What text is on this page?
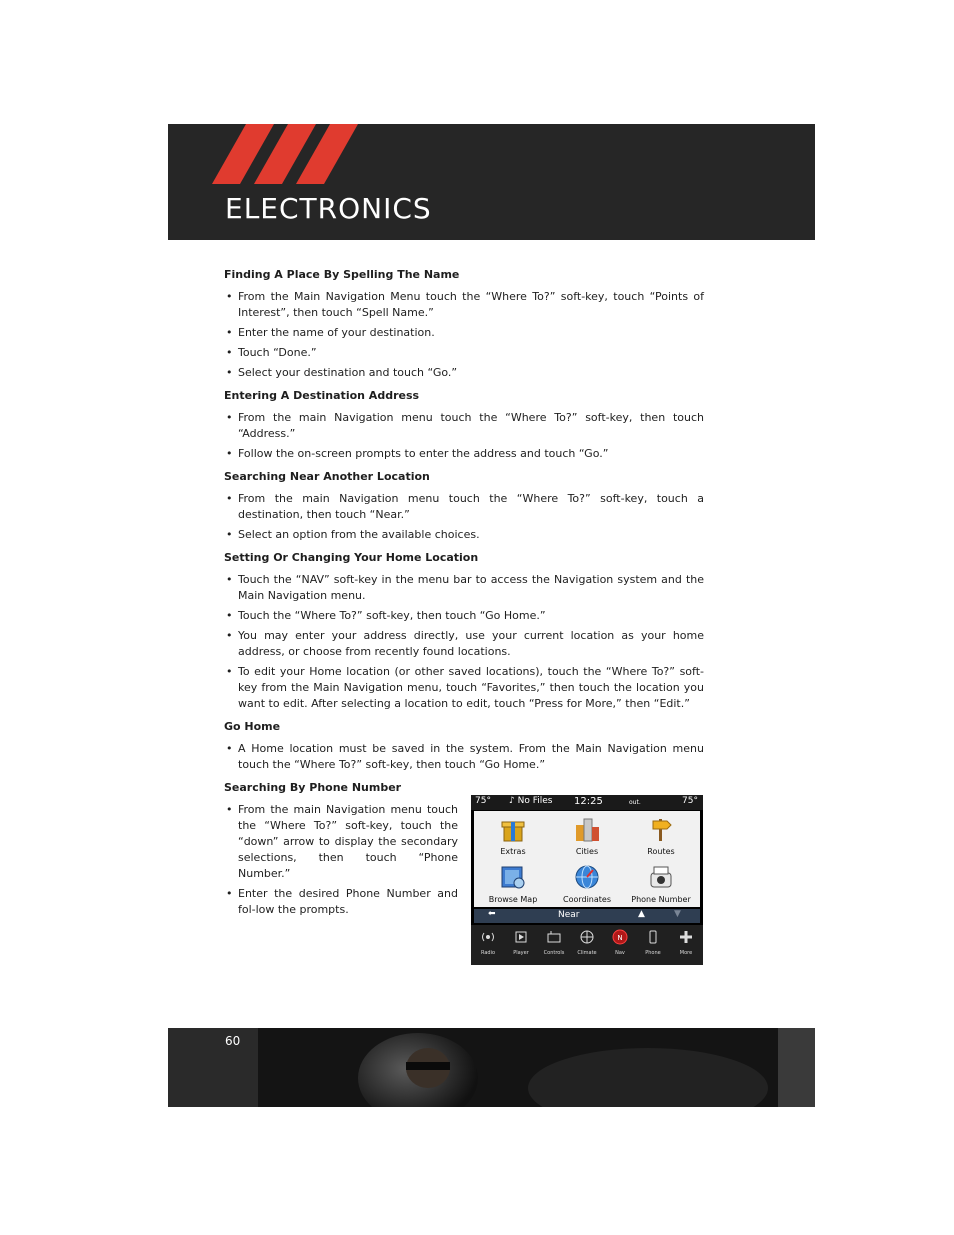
ELECTRONICS
Finding A Place By Spelling The Name
• From the Main Navigation Menu touch the “Where To?” soft-key, touch “Points of Interest”, then touch “Spell Name.”
• Enter the name of your destination.
• Touch “Done.”
• Select your destination and touch “Go.”
Entering A Destination Address
• From the main Navigation menu touch the “Where To?” soft-key, then touch “Address.”
• Follow the on-screen prompts to enter the address and touch “Go.”
Searching Near Another Location
• From the main Navigation menu touch the “Where To?” soft-key, touch a destination, then touch “Near.”
• Select an option from the available choices.
Setting Or Changing Your Home Location
• Touch the “NAV” soft-key in the menu bar to access the Navigation system and the Main Navigation menu.
• Touch the “Where To?” soft-key, then touch “Go Home.”
• You may enter your address directly, use your current location as your home address, or choose from recently found locations.
• To edit your Home location (or other saved locations), touch the “Where To?” soft-key from the Main Navigation menu, touch “Favorites,” then touch the location you want to edit. After selecting a location to edit, touch “Press for More,” then “Edit.”
Go Home
• A Home location must be saved in the system. From the Main Navigation menu touch the “Where To?” soft-key, then touch “Go Home.”
Searching By Phone Number
• From the main Navigation menu touch the “Where To?” soft-key, touch the “down” arrow to display the secondary selections, then touch “Phone Number.”
• Enter the desired Phone Number and fol-low the prompts.
75° ♪ No Files 12:25	out.	75°
Extras	Cities	Routes
Browse Map	Coordinates	Phone Number
⬅	Near	▲	▼
Radio	Player	Controls	Climate
N
Nav	Phone	More
60
